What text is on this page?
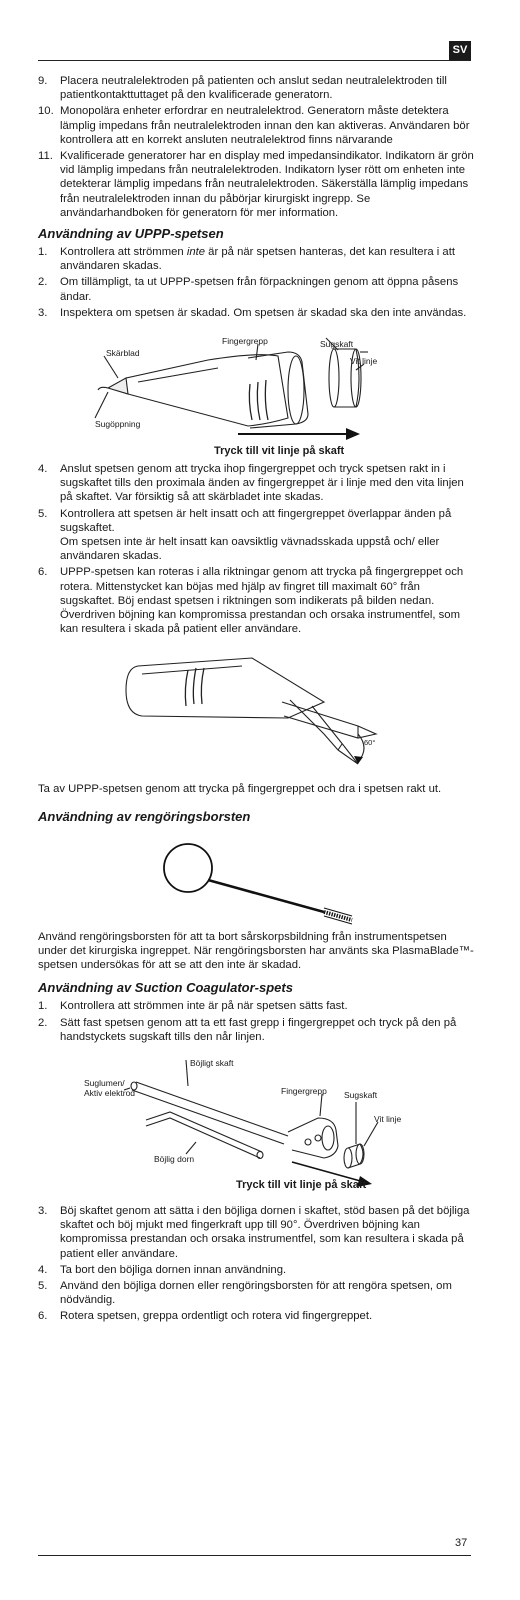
SV
9. Placera neutralelektroden på patienten och anslut sedan neutralelektroden till patientkontakttuttaget på den kvalificerade generatorn.
10. Monopolära enheter erfordrar en neutralelektrod. Generatorn måste detektera lämplig impedans från neutralelektroden innan den kan aktiveras. Användaren bör kontrollera att en korrekt ansluten neutralelektrod finns närvarande
11. Kvalificerade generatorer har en display med impedansindikator. Indikatorn är grön vid lämplig impedans från neutralelektroden. Indikatorn lyser rött om enheten inte detekterar lämplig impedans från neutralelektroden. Säkerställa lämplig impedans från neutralelektroden innan du påbörjar kirurgiskt ingrepp. Se användarhandboken för generatorn för mer information.
Användning av UPPP-spetsen
1. Kontrollera att strömmen inte är på när spetsen hanteras, det kan resultera i att användaren skadas.
2. Om tillämpligt, ta ut UPPP-spetsen från förpackningen genom att öppna påsens ändar.
3. Inspektera om spetsen är skadad. Om spetsen är skadad ska den inte användas.
Skärblad
Fingergrepp	Sugskaft
Vit linje
Sugöppning
Tryck till vit linje på skaft
4. Anslut spetsen genom att trycka ihop fingergreppet och tryck spetsen rakt in i sugskaftet tills den proximala änden av fingergreppet är i linje med den vita linjen på skaftet. Var försiktig så att skärbladet inte skadas.
5. Kontrollera att spetsen är helt insatt och att fingergreppet överlappar änden på sugskaftet.
Om spetsen inte är helt insatt kan oavsiktlig vävnadsskada uppstå och/ eller användaren skadas.
6. UPPP-spetsen kan roteras i alla riktningar genom att trycka på fingergreppet och rotera. Mittenstycket kan böjas med hjälp av fingret till maximalt 60° från sugskaftet. Böj endast spetsen i riktningen som indikerats på bilden nedan. Överdriven böjning kan kompromissa prestandan och orsaka instrumentfel, som kan resultera i skada på patient eller användare.
60°

Ta av UPPP-spetsen genom att trycka på fingergreppet och dra i spetsen rakt ut.

Användning av rengöringsborsten

Använd rengöringsborsten för att ta bort sårskorpsbildning från instrumentspetsen under det kirurgiska ingreppet. När rengöringsborsten har använts ska PlasmaBlade™-spetsen undersökas för att se att den inte är skadad.

Användning av Suction Coagulator-spets
1. Kontrollera att strömmen inte är på när spetsen sätts fast.
2. Sätt fast spetsen genom att ta ett fast grepp i fingergreppet och tryck på den på handstyckets sugskaft tills den når linjen.
Böjligt skaft
Suglumen/
Aktiv elektrod	Fingergrepp Sugskaft
Vit linje
Böjlig dorn
Tryck till vit linje på skaft
3. Böj skaftet genom att sätta i den böjliga dornen i skaftet, stöd basen på det böjliga skaftet och böj mjukt med fingerkraft upp till 90°. Överdriven böjning kan kompromissa prestandan och orsaka instrumentfel, som kan resultera i skada på patient eller användare.
4. Ta bort den böjliga dornen innan användning.
5. Använd den böjliga dornen eller rengöringsborsten för att rengöra spetsen, om nödvändig.
6. Rotera spetsen, greppa ordentligt och rotera vid fingergreppet.
37
